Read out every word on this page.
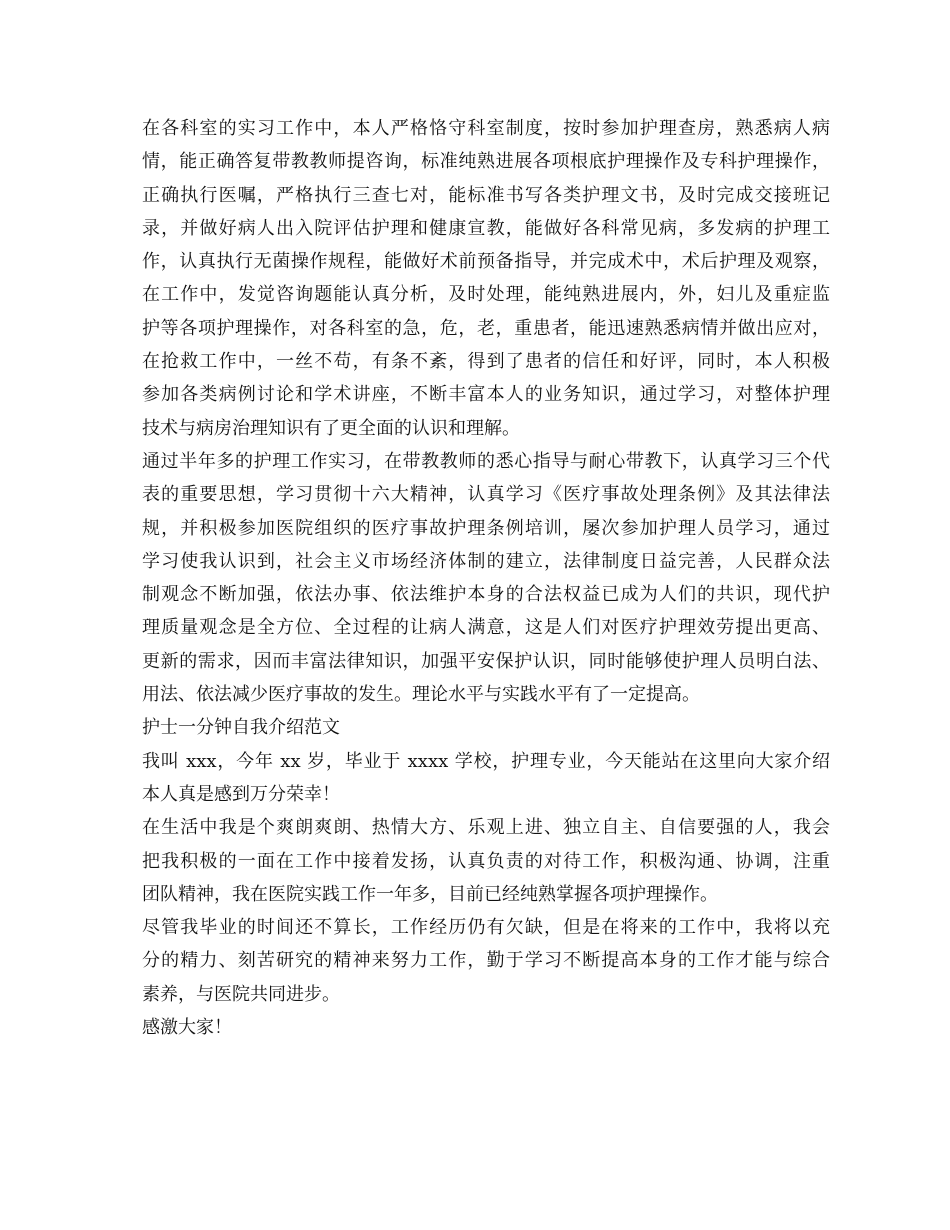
在各科室的实习工作中，本人严格恪守科室制度，按时参加护理查房，熟悉病人病
情，能正确答复带教教师提咨询，标准纯熟进展各项根底护理操作及专科护理操作，
正确执行医嘱，严格执行三查七对，能标准书写各类护理文书，及时完成交接班记
录，并做好病人出入院评估护理和健康宣教，能做好各科常见病，多发病的护理工
作，认真执行无菌操作规程，能做好术前预备指导，并完成术中，术后护理及观察，
在工作中，发觉咨询题能认真分析，及时处理，能纯熟进展内，外，妇儿及重症监
护等各项护理操作，对各科室的急，危，老，重患者，能迅速熟悉病情并做出应对，
在抢救工作中，一丝不苟，有条不紊，得到了患者的信任和好评，同时，本人积极
参加各类病例讨论和学术讲座，不断丰富本人的业务知识，通过学习，对整体护理
技术与病房治理知识有了更全面的认识和理解。
通过半年多的护理工作实习，在带教教师的悉心指导与耐心带教下，认真学习三个代
表的重要思想，学习贯彻十六大精神，认真学习《医疗事故处理条例》及其法律法
规，并积极参加医院组织的医疗事故护理条例培训，屡次参加护理人员学习，通过
学习使我认识到，社会主义市场经济体制的建立，法律制度日益完善，人民群众法
制观念不断加强，依法办事、依法维护本身的合法权益已成为人们的共识，现代护
理质量观念是全方位、全过程的让病人满意，这是人们对医疗护理效劳提出更高、
更新的需求，因而丰富法律知识，加强平安保护认识，同时能够使护理人员明白法、
用法、依法减少医疗事故的发生。理论水平与实践水平有了一定提高。
护士一分钟自我介绍范文
我叫 xxx，今年 xx 岁，毕业于 xxxx 学校，护理专业，今天能站在这里向大家介绍
本人真是感到万分荣幸！
在生活中我是个爽朗爽朗、热情大方、乐观上进、独立自主、自信要强的人，我会
把我积极的一面在工作中接着发扬，认真负责的对待工作，积极沟通、协调，注重
团队精神，我在医院实践工作一年多，目前已经纯熟掌握各项护理操作。
尽管我毕业的时间还不算长，工作经历仍有欠缺，但是在将来的工作中，我将以充
分的精力、刻苦研究的精神来努力工作，勤于学习不断提高本身的工作才能与综合
素养，与医院共同进步。
感激大家！
